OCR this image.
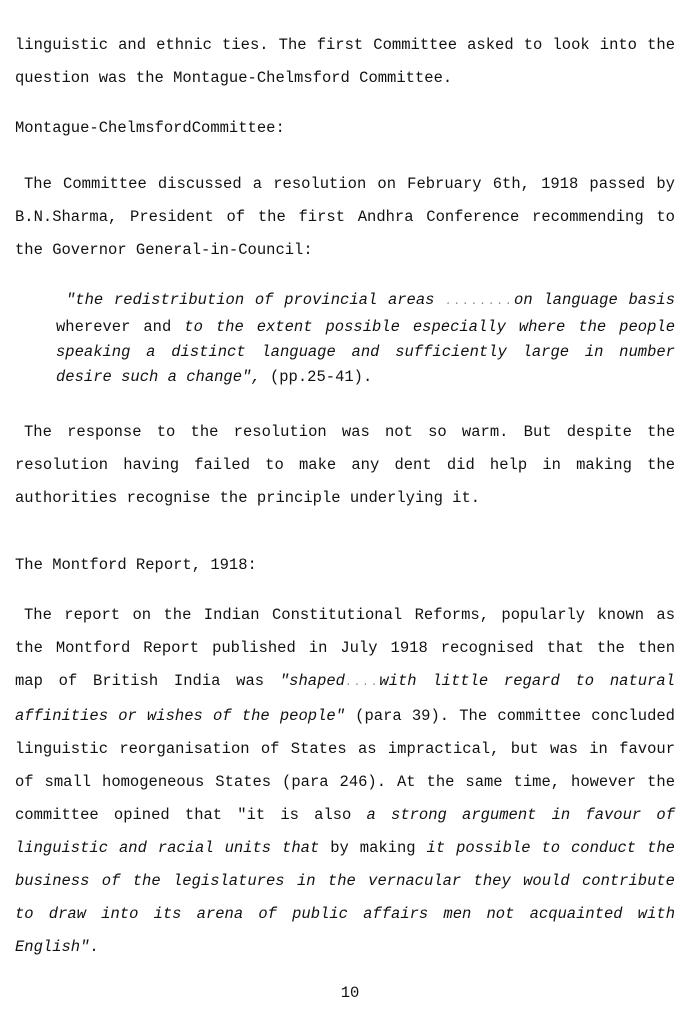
linguistic and ethnic ties. The first Committee asked to look into the question was the Montague-Chelmsford Committee.

Montague-ChelmsfordCommittee:

The Committee discussed a resolution on February 6th, 1918 passed by B.N.Sharma, President of the first Andhra Conference recommending to the Governor General-in-Council:

"the redistribution of provincial areas ........on language basis wherever and to the extent possible especially where the people speaking a distinct language and sufficiently large in number desire such a change", (pp.25-41).

The response to the resolution was not so warm. But despite the resolution having failed to make any dent did help in making the authorities recognise the principle underlying it.

The Montford Report, 1918:

The report on the Indian Constitutional Reforms, popularly known as the Montford Report published in July 1918 recognised that the then map of British India was "shaped....with little regard to natural affinities or wishes of the people" (para 39). The committee concluded linguistic reorganisation of States as impractical, but was in favour of small homogeneous States (para 246). At the same time, however the committee opined that "it is also a strong argument in favour of linguistic and racial units that by making it possible to conduct the business of the legislatures in the vernacular they would contribute to draw into its arena of public affairs men not acquainted with English".

10
